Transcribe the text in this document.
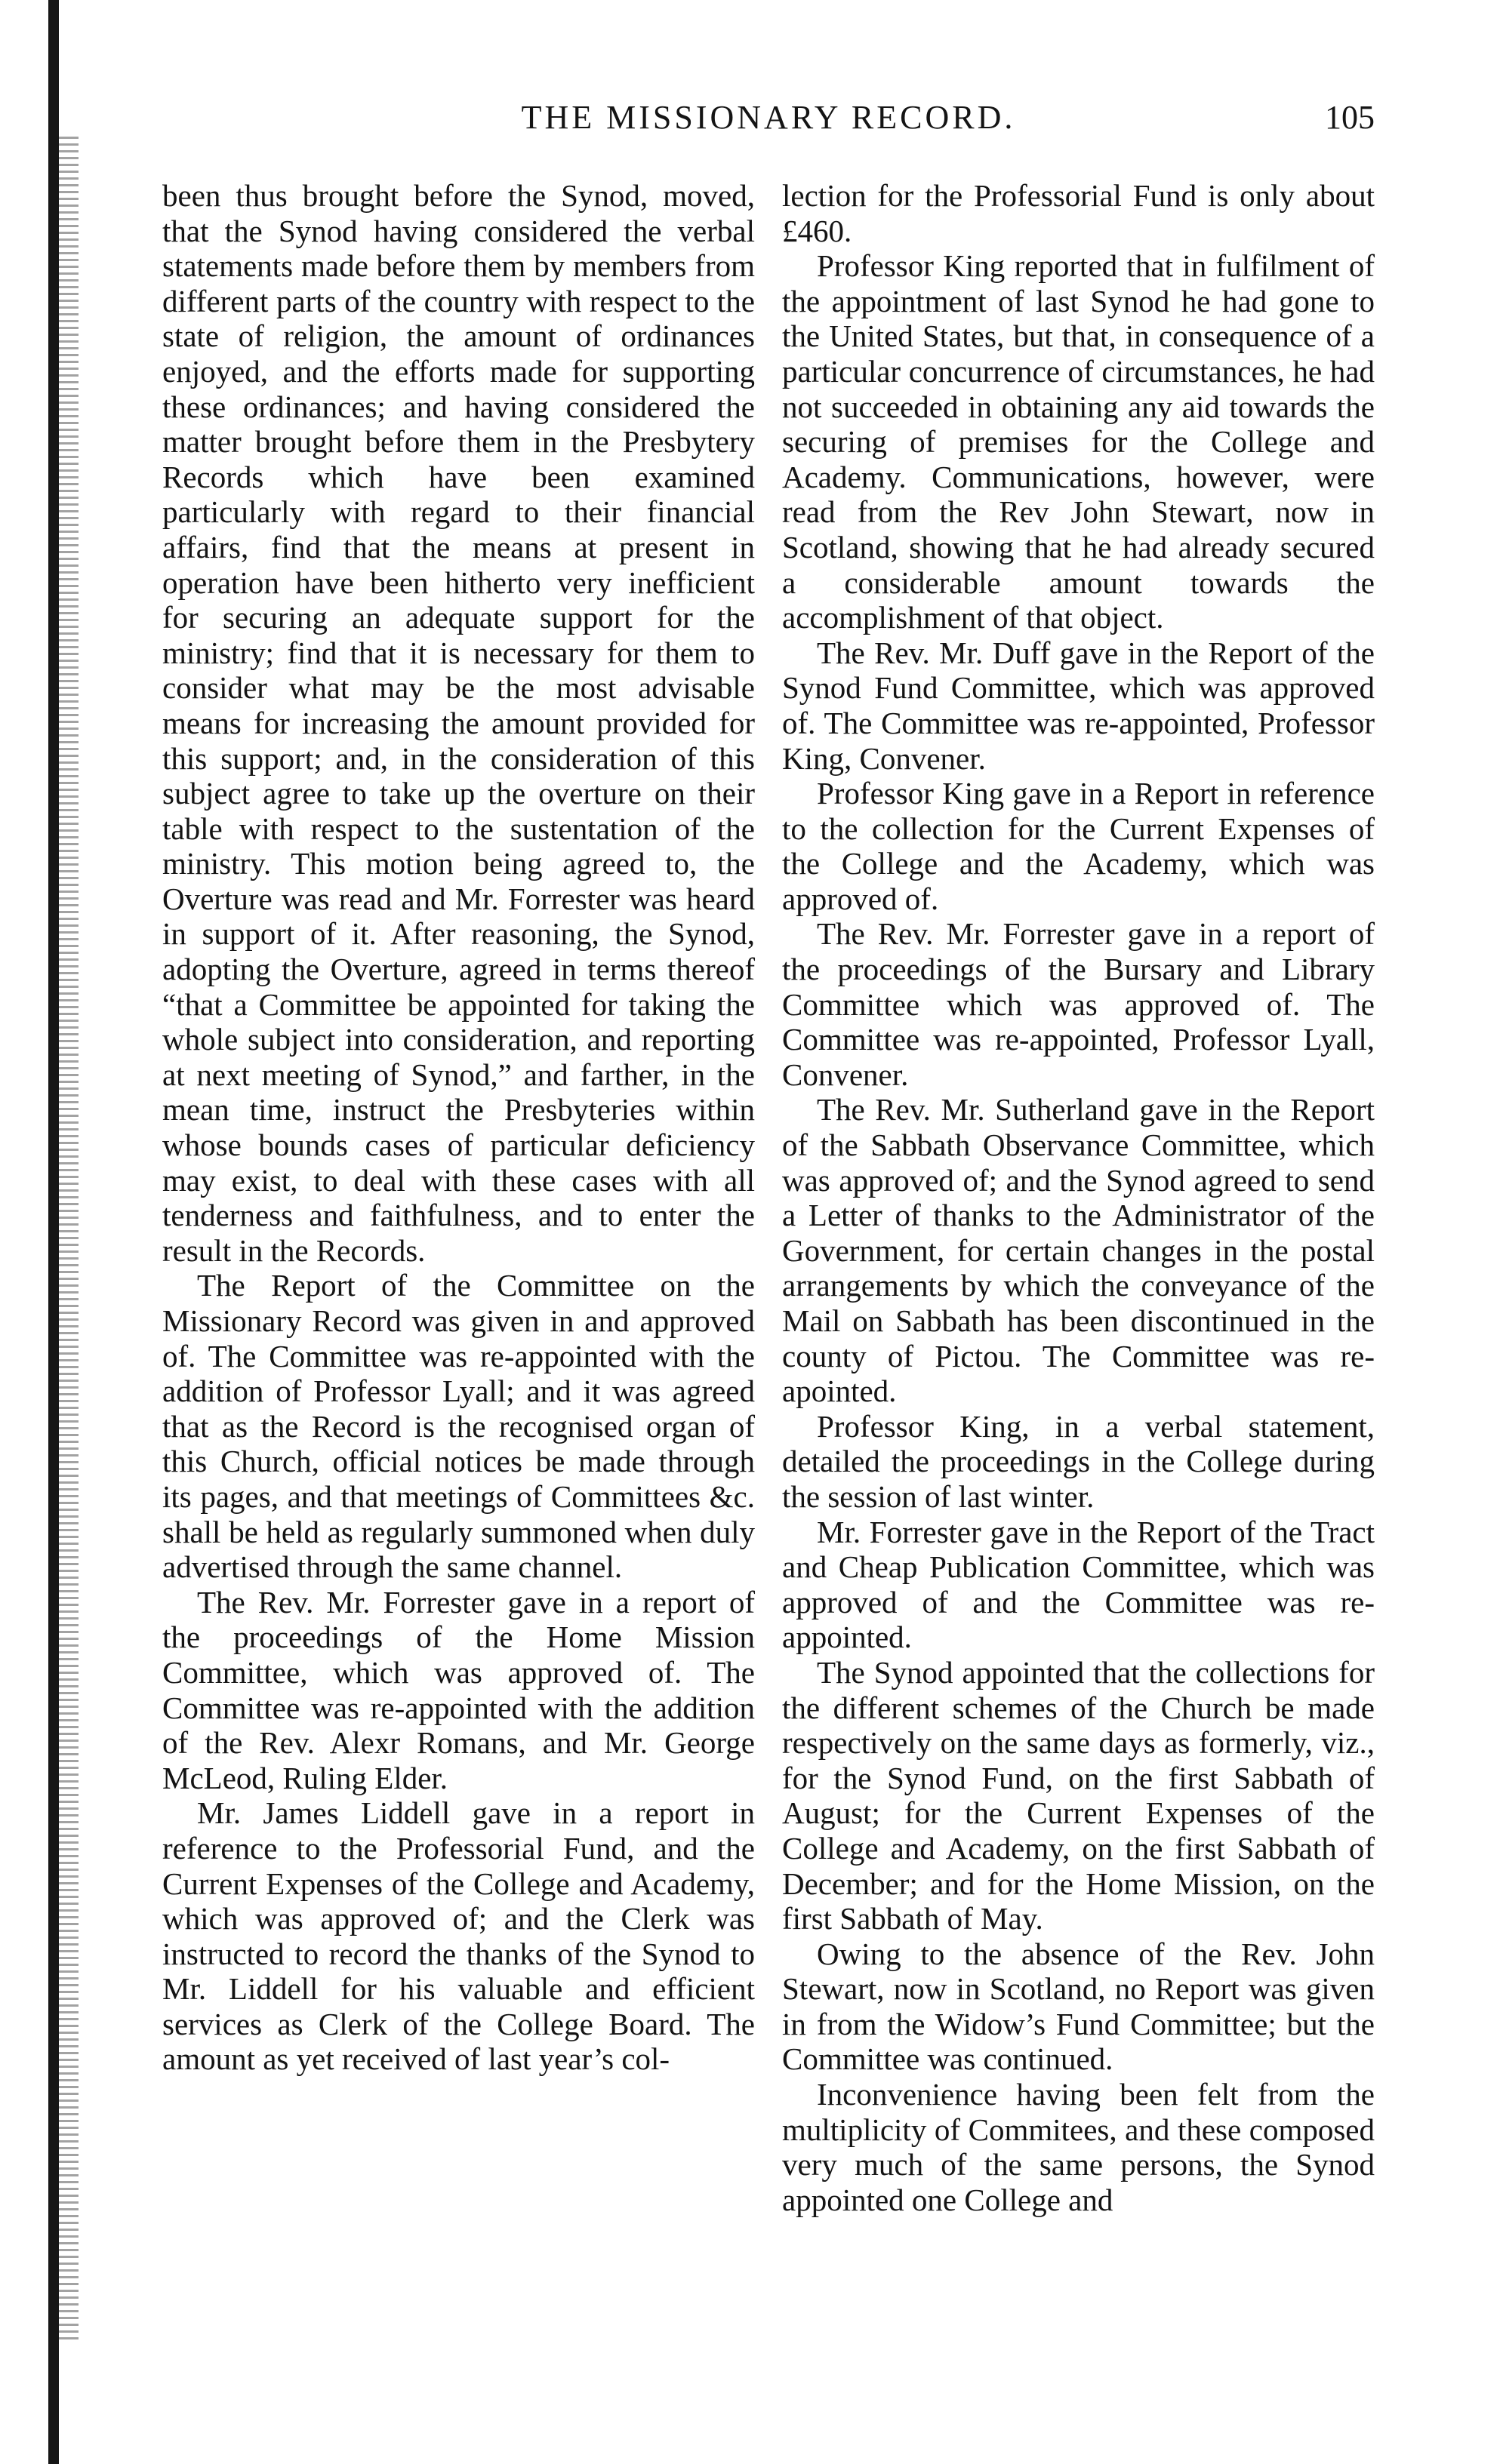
THE MISSIONARY RECORD.	105

been thus brought before the Synod, moved, that the Synod having considered the verbal statements made before them by members from different parts of the country with respect to the state of religion, the amount of ordinances enjoyed, and the efforts made for supporting these ordinances; and having considered the matter brought before them in the Presbytery Records which have been examined particularly with regard to their financial affairs, find that the means at present in operation have been hitherto very inefficient for securing an adequate support for the ministry; find that it is necessary for them to consider what may be the most advisable means for increasing the amount provided for this support; and, in the consideration of this subject agree to take up the overture on their table with respect to the sustentation of the ministry. This motion being agreed to, the Overture was read and Mr. Forrester was heard in support of it. After reasoning, the Synod, adopting the Overture, agreed in terms thereof “that a Committee be appointed for taking the whole subject into consideration, and reporting at next meeting of Synod,” and farther, in the mean time, instruct the Presbyteries within whose bounds cases of particular deficiency may exist, to deal with these cases with all tenderness and faithfulness, and to enter the result in the Records.

The Report of the Committee on the Missionary Record was given in and approved of. The Committee was re-appointed with the addition of Professor Lyall; and it was agreed that as the Record is the recognised organ of this Church, official notices be made through its pages, and that meetings of Committees &c. shall be held as regularly summoned when duly advertised through the same channel.

The Rev. Mr. Forrester gave in a report of the proceedings of the Home Mission Committee, which was approved of. The Committee was re-appointed with the addition of the Rev. Alexr Romans, and Mr. George McLeod, Ruling Elder.

Mr. James Liddell gave in a report in reference to the Professorial Fund, and the Current Expenses of the College and Academy, which was approved of; and the Clerk was instructed to record the thanks of the Synod to Mr. Liddell for his valuable and efficient services as Clerk of the College Board. The amount as yet received of last year’s col-

lection for the Professorial Fund is only about £460.

Professor King reported that in fulfilment of the appointment of last Synod he had gone to the United States, but that, in consequence of a particular concurrence of circumstances, he had not succeeded in obtaining any aid towards the securing of premises for the College and Academy. Communications, however, were read from the Rev John Stewart, now in Scotland, showing that he had already secured a considerable amount towards the accomplishment of that object.

The Rev. Mr. Duff gave in the Report of the Synod Fund Committee, which was approved of. The Committee was re-appointed, Professor King, Convener.

Professor King gave in a Report in reference to the collection for the Current Expenses of the College and the Academy, which was approved of.

The Rev. Mr. Forrester gave in a report of the proceedings of the Bursary and Library Committee which was approved of. The Committee was re-appointed, Professor Lyall, Convener.

The Rev. Mr. Sutherland gave in the Report of the Sabbath Observance Committee, which was approved of; and the Synod agreed to send a Letter of thanks to the Administrator of the Government, for certain changes in the postal arrangements by which the conveyance of the Mail on Sabbath has been discontinued in the county of Pictou. The Committee was re-apointed.

Professor King, in a verbal statement, detailed the proceedings in the College during the session of last winter.

Mr. Forrester gave in the Report of the Tract and Cheap Publication Committee, which was approved of and the Committee was re-appointed.

The Synod appointed that the collections for the different schemes of the Church be made respectively on the same days as formerly, viz., for the Synod Fund, on the first Sabbath of August; for the Current Expenses of the College and Academy, on the first Sabbath of December; and for the Home Mission, on the first Sabbath of May.

Owing to the absence of the Rev. John Stewart, now in Scotland, no Report was given in from the Widow’s Fund Committee; but the Committee was continued.

Inconvenience having been felt from the multiplicity of Commitees, and these composed very much of the same persons, the Synod appointed one College and
